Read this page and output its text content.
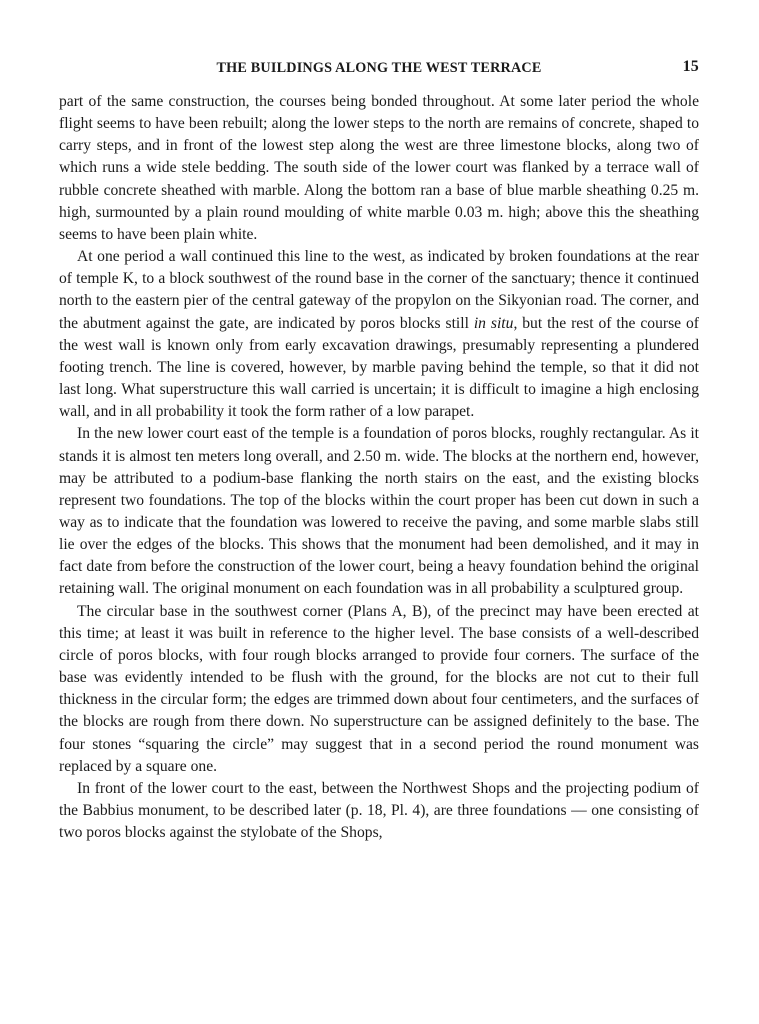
THE BUILDINGS ALONG THE WEST TERRACE	15

part of the same construction, the courses being bonded throughout. At some later period the whole flight seems to have been rebuilt; along the lower steps to the north are remains of concrete, shaped to carry steps, and in front of the lowest step along the west are three limestone blocks, along two of which runs a wide stele bedding. The south side of the lower court was flanked by a terrace wall of rubble concrete sheathed with marble. Along the bottom ran a base of blue marble sheathing 0.25 m. high, surmounted by a plain round moulding of white marble 0.03 m. high; above this the sheathing seems to have been plain white.

At one period a wall continued this line to the west, as indicated by broken foundations at the rear of temple K, to a block southwest of the round base in the corner of the sanctuary; thence it continued north to the eastern pier of the central gateway of the propylon on the Sikyonian road. The corner, and the abutment against the gate, are indicated by poros blocks still in situ, but the rest of the course of the west wall is known only from early excavation drawings, presumably representing a plundered footing trench. The line is covered, however, by marble paving behind the temple, so that it did not last long. What superstructure this wall carried is uncertain; it is difficult to imagine a high enclosing wall, and in all probability it took the form rather of a low parapet.

In the new lower court east of the temple is a foundation of poros blocks, roughly rectangular. As it stands it is almost ten meters long overall, and 2.50 m. wide. The blocks at the northern end, however, may be attributed to a podium-base flanking the north stairs on the east, and the existing blocks represent two foundations. The top of the blocks within the court proper has been cut down in such a way as to indicate that the foundation was lowered to receive the paving, and some marble slabs still lie over the edges of the blocks. This shows that the monument had been demolished, and it may in fact date from before the construction of the lower court, being a heavy foundation behind the original retaining wall. The original monument on each foundation was in all probability a sculptured group.

The circular base in the southwest corner (Plans A, B), of the precinct may have been erected at this time; at least it was built in reference to the higher level. The base consists of a well-described circle of poros blocks, with four rough blocks arranged to provide four corners. The surface of the base was evidently intended to be flush with the ground, for the blocks are not cut to their full thickness in the circular form; the edges are trimmed down about four centimeters, and the surfaces of the blocks are rough from there down. No superstructure can be assigned definitely to the base. The four stones “squaring the circle” may suggest that in a second period the round monument was replaced by a square one.

In front of the lower court to the east, between the Northwest Shops and the projecting podium of the Babbius monument, to be described later (p. 18, Pl. 4), are three foundations — one consisting of two poros blocks against the stylobate of the Shops,
